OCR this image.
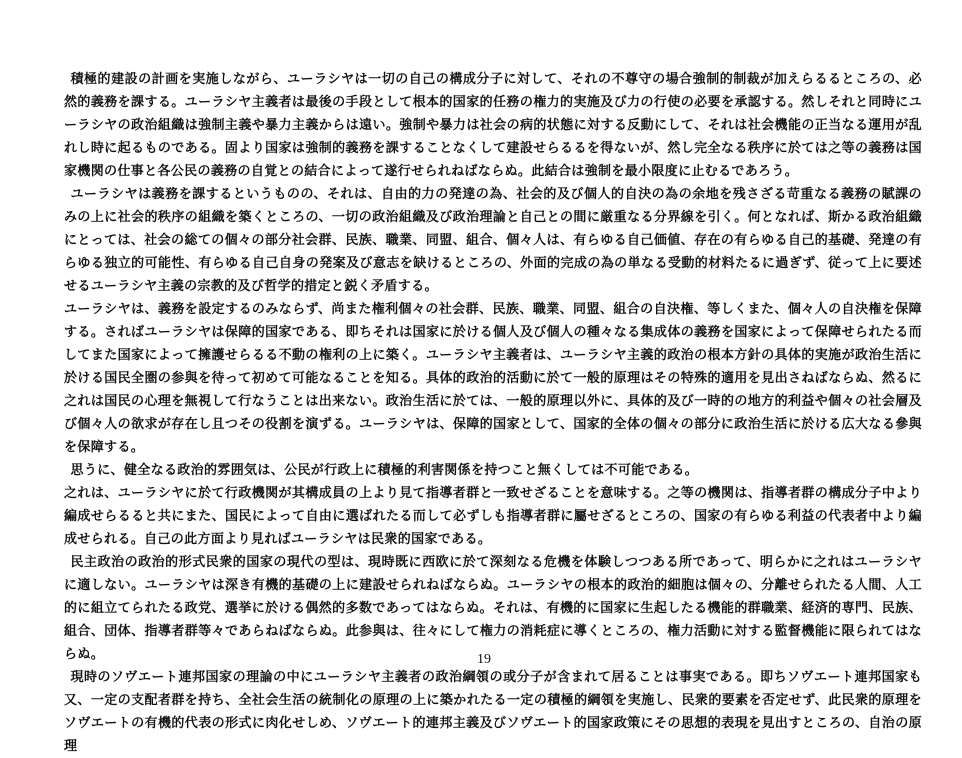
積極的建設の計画を実施しながら、ユーラシヤは一切の自己の構成分子に対して、それの不尊守の場合強制的制裁が加えらるるところの、必然的義務を課する。ユーラシヤ主義者は最後の手段として根本的国家的任務の権力的実施及び力の行使の必要を承認する。然しそれと同時にユーラシヤの政治組織は強制主義や暴力主義からは遠い。強制や暴力は社会の病的状態に対する反動にして、それは社会機能の正当なる運用が乱れし時に起るものである。固より国家は強制的義務を課することなくして建設せらるるを得ないが、然し完全なる秩序に於ては之等の義務は国家機関の仕事と各公民の義務の自覚との結合によって遂行せられねばならぬ。此結合は強制を最小限度に止むるであろう。

ユーラシヤは義務を課するというものの、それは、自由的力の発達の為、社会的及び個人的自決の為の余地を残さざる苛重なる義務の賦課のみの上に社会的秩序の組織を築くところの、一切の政治組織及び政治理論と自己との間に厳重なる分界線を引く。何となれば、斯かる政治組織にとっては、社会の総ての個々の部分社会群、民族、職業、同盟、組合、個々人は、有らゆる自己価値、存在の有らゆる自己的基礎、発達の有らゆる独立的可能性、有らゆる自己自身の発案及び意志を缺けるところの、外面的完成の為の単なる受動的材料たるに過ぎず、従って上に要述せるユーラシヤ主義の宗教的及び哲学的措定と鋭く矛盾する。

ユーラシヤは、義務を設定するのみならず、尚また権利個々の社会群、民族、職業、同盟、組合の自決権、等しくまた、個々人の自決権を保障する。さればユーラシヤは保障的国家である、即ちそれは国家に於ける個人及び個人の種々なる集成体の義務を国家によって保障せられたる而してまた国家によって擁護せらるる不動の権利の上に築く。ユーラシヤ主義者は、ユーラシヤ主義的政治の根本方針の具体的実施が政治生活に於ける国民全圏の参與を待って初めて可能なることを知る。具体的政治的活動に於て一般的原理はその特殊的適用を見出さねばならぬ、然るに之れは国民の心理を無視して行なうことは出来ない。政治生活に於ては、一般的原理以外に、具体的及び一時的の地方的利益や個々の社会層及び個々人の欲求が存在し且つその役割を演ずる。ユーラシヤは、保障的国家として、国家的全体の個々の部分に政治生活に於ける広大なる參與を保障する。

思うに、健全なる政治的雰囲気は、公民が行政上に積極的利害関係を持つこと無くしては不可能である。

之れは、ユーラシヤに於て行政機関が其構成員の上より見て指導者群と一致せざることを意味する。之等の機関は、指導者群の構成分子中より編成せらるると共にまた、国民によって自由に選ばれたる而して必ずしも指導者群に屬せざるところの、国家の有らゆる利益の代表者中より編成せられる。自己の此方面より見ればユーラシヤは民衆的国家である。

民主政治の政治的形式民衆的国家の現代の型は、現時既に西欧に於て深刻なる危機を体験しつつある所であって、明らかに之れはユーラシヤに適しない。ユーラシヤは深き有機的基礎の上に建設せられねばならぬ。ユーラシヤの根本的政治的細胞は個々の、分離せられたる人間、人工的に組立てられたる政党、選挙に於ける偶然的多数であってはならぬ。それは、有機的に国家に生起したる機能的群職業、経済的専門、民族、組合、団体、指導者群等々であらねばならぬ。此参與は、往々にして権力の消耗症に導くところの、権力活動に対する監督機能に限られてはならぬ。

現時のソヴエート連邦国家の理論の中にユーラシヤ主義者の政治綱領の或分子が含まれて居ることは事実である。即ちソヴエート連邦国家も又、一定の支配者群を持ち、全社会生活の統制化の原理の上に築かれたる一定の積極的綱領を実施し、民衆的要素を否定せず、此民衆的原理をソヴエートの有機的代表の形式に肉化せしめ、ソヴエート的連邦主義及びソヴエート的国家政策にその思想的表現を見出すところの、自治の原理

19
